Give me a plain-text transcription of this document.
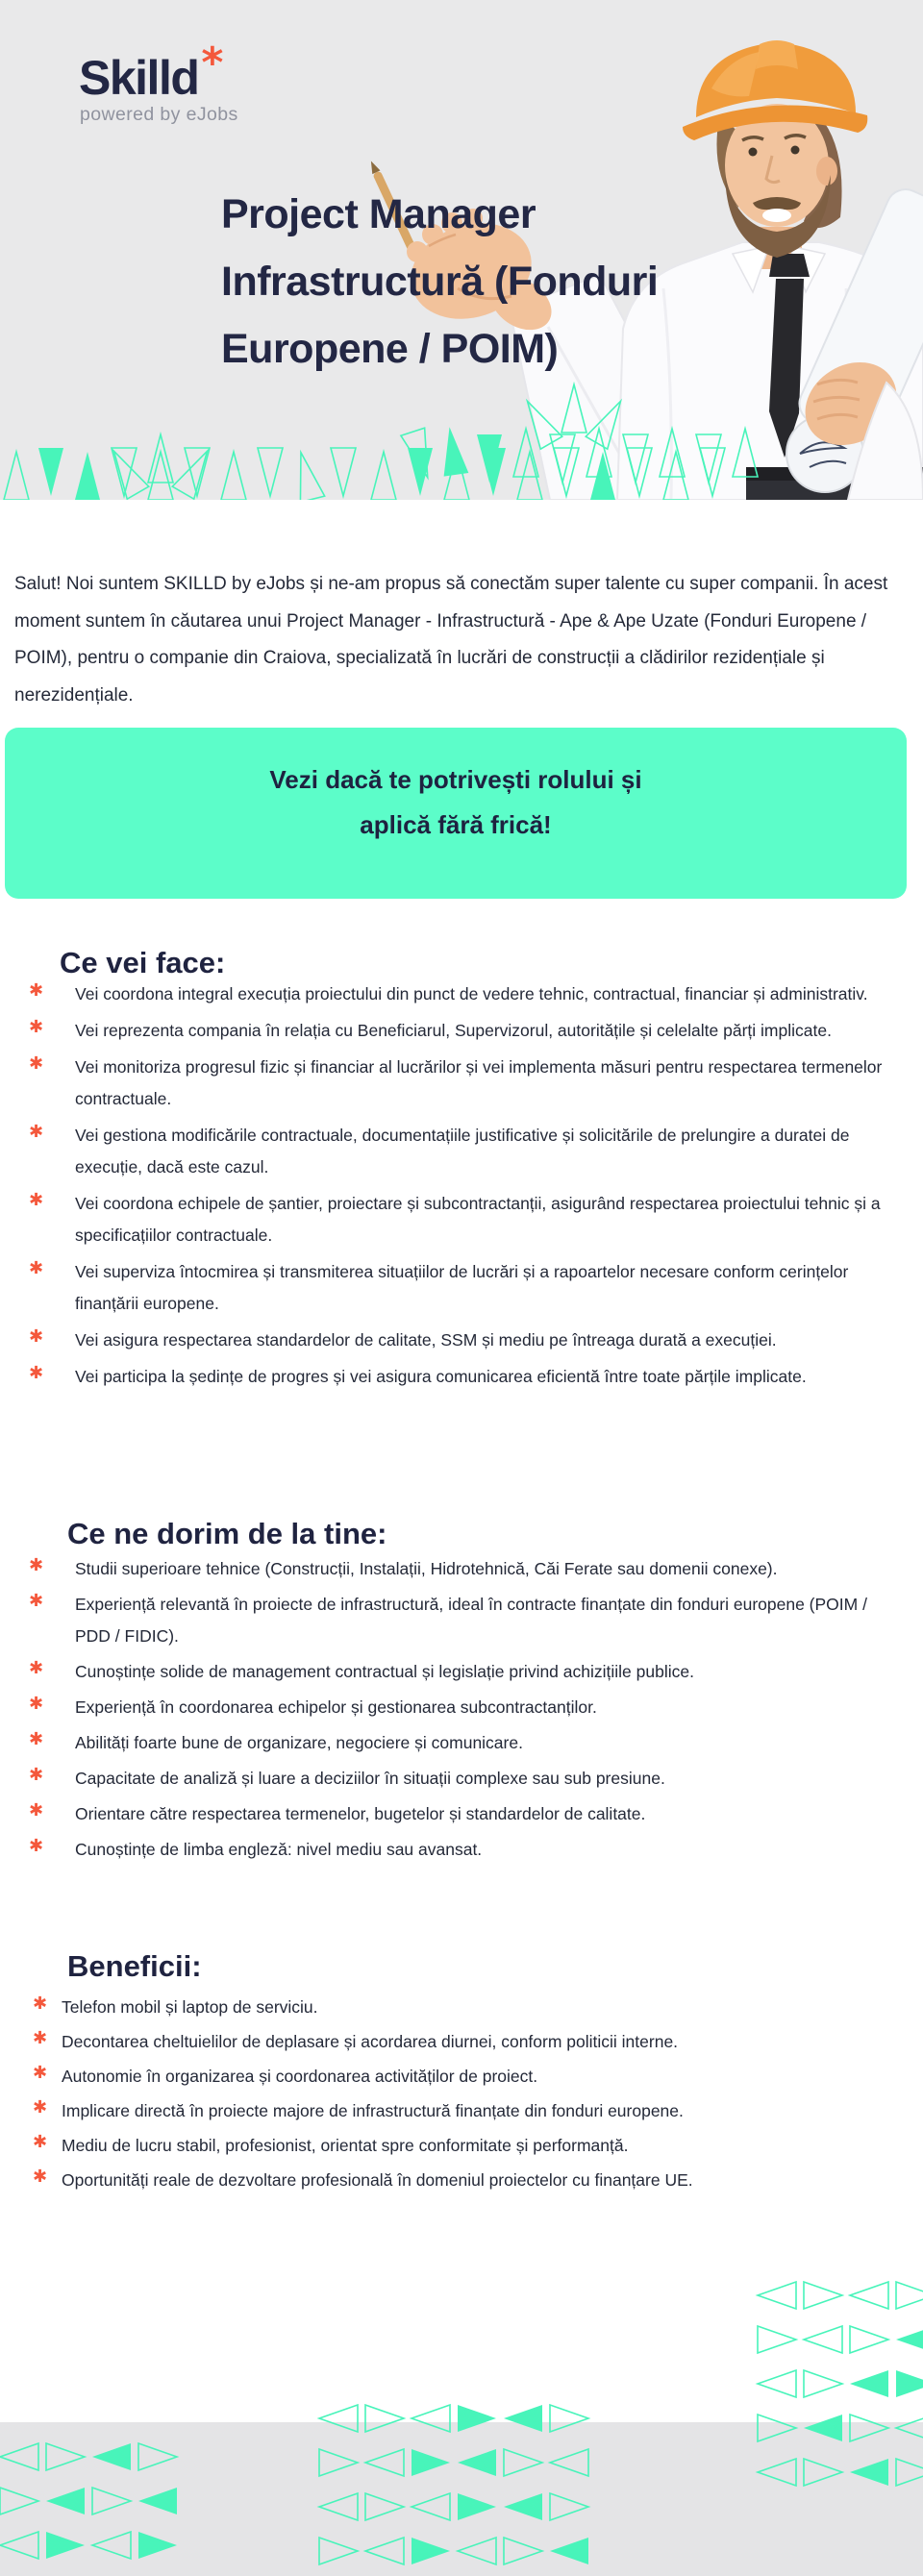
Skilld*
powered by eJobs
Project Manager
Infrastructură (Fonduri
Europene / POIM)

Salut! Noi suntem SKILLD by eJobs și ne-am propus să conectăm super talente cu super companii. În acest moment suntem în căutarea unui Project Manager - Infrastructură - Ape & Ape Uzate (Fonduri Europene / POIM), pentru o companie din Craiova, specializată în lucrări de construcții a clădirilor rezidențiale și nerezidențiale.

Vezi dacă te potrivești rolului și
aplică fără frică!
Ce vei face:
✱ Vei coordona integral execuția proiectului din punct de vedere tehnic, contractual, financiar și administrativ.
✱ Vei reprezenta compania în relația cu Beneficiarul, Supervizorul, autoritățile și celelalte părți implicate.
✱ Vei monitoriza progresul fizic și financiar al lucrărilor și vei implementa măsuri pentru respectarea termenelor contractuale.
✱ Vei gestiona modificările contractuale, documentațiile justificative și solicitările de prelungire a duratei de execuție, dacă este cazul.
✱ Vei coordona echipele de șantier, proiectare și subcontractanții, asigurând respectarea proiectului tehnic și a specificațiilor contractuale.
✱ Vei superviza întocmirea și transmiterea situațiilor de lucrări și a rapoartelor necesare conform cerințelor finanțării europene.
✱ Vei asigura respectarea standardelor de calitate, SSM și mediu pe întreaga durată a execuției.
✱ Vei participa la ședințe de progres și vei asigura comunicarea eficientă între toate părțile implicate.
Ce ne dorim de la tine:
✱ Studii superioare tehnice (Construcții, Instalații, Hidrotehnică, Căi Ferate sau domenii conexe).
✱ Experiență relevantă în proiecte de infrastructură, ideal în contracte finanțate din fonduri europene (POIM / PDD / FIDIC).
✱ Cunoștințe solide de management contractual și legislație privind achizițiile publice.
✱ Experiență în coordonarea echipelor și gestionarea subcontractanților.
✱ Abilități foarte bune de organizare, negociere și comunicare.
✱ Capacitate de analiză și luare a deciziilor în situații complexe sau sub presiune.
✱ Orientare către respectarea termenelor, bugetelor și standardelor de calitate.
✱ Cunoștințe de limba engleză: nivel mediu sau avansat.
Beneficii:
✱ Telefon mobil și laptop de serviciu.
✱ Decontarea cheltuielilor de deplasare și acordarea diurnei, conform politicii interne.
✱ Autonomie în organizarea și coordonarea activităților de proiect.
✱ Implicare directă în proiecte majore de infrastructură finanțate din fonduri europene.
✱ Mediu de lucru stabil, profesionist, orientat spre conformitate și performanță.
✱ Oportunități reale de dezvoltare profesională în domeniul proiectelor cu finanțare UE.
